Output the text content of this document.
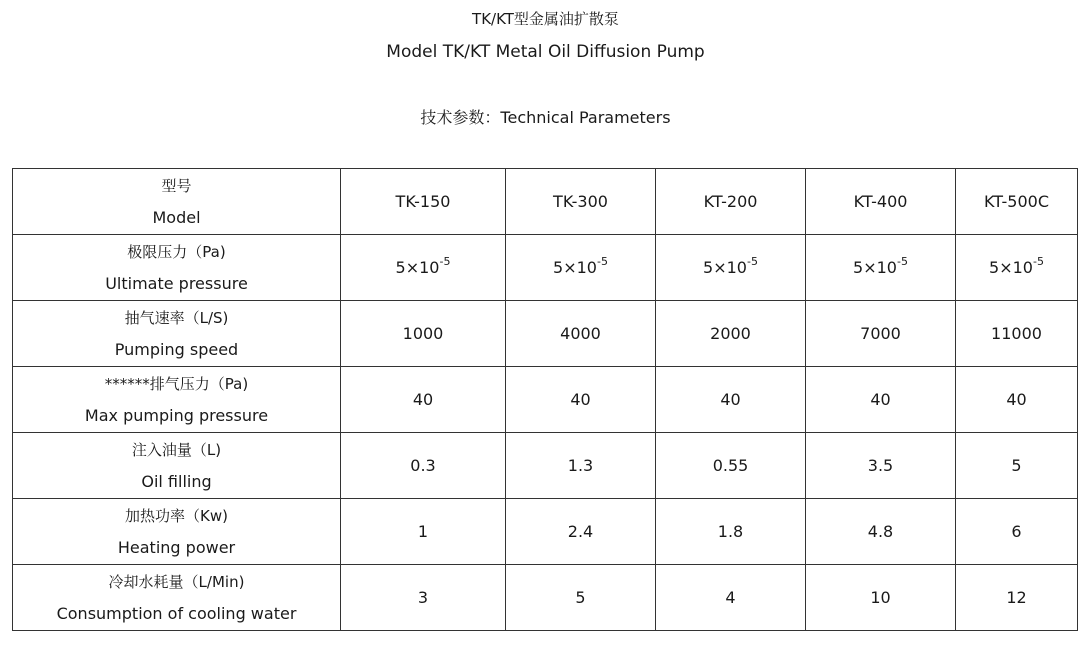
TK/KT型金属油扩散泵
Model TK/KT Metal Oil Diffusion Pump
技术参数：Technical Parameters
型号
Model	TK-150	TK-300	KT-200	KT-400	KT-500C

极限压力（Pa)
Ultimate pressure	$5\times 10^{-5}$	$5\times 10^{-5}$	$5\times 10^{-5}$	$5\times 10^{-5}$	$5\times 10^{-5}$

抽气速率（L/S)
Pumping speed	1000	4000	2000	7000	11000

******排气压力（Pa)
Max pumping pressure	40	40	40	40	40

注入油量（L)
Oil filling	0.3	1.3	0.55	3.5	5

加热功率（Kw)
Heating power	1	2.4	1.8	4.8	6

冷却水耗量（L/Min)
Consumption of cooling water	3	5	4	10	12
